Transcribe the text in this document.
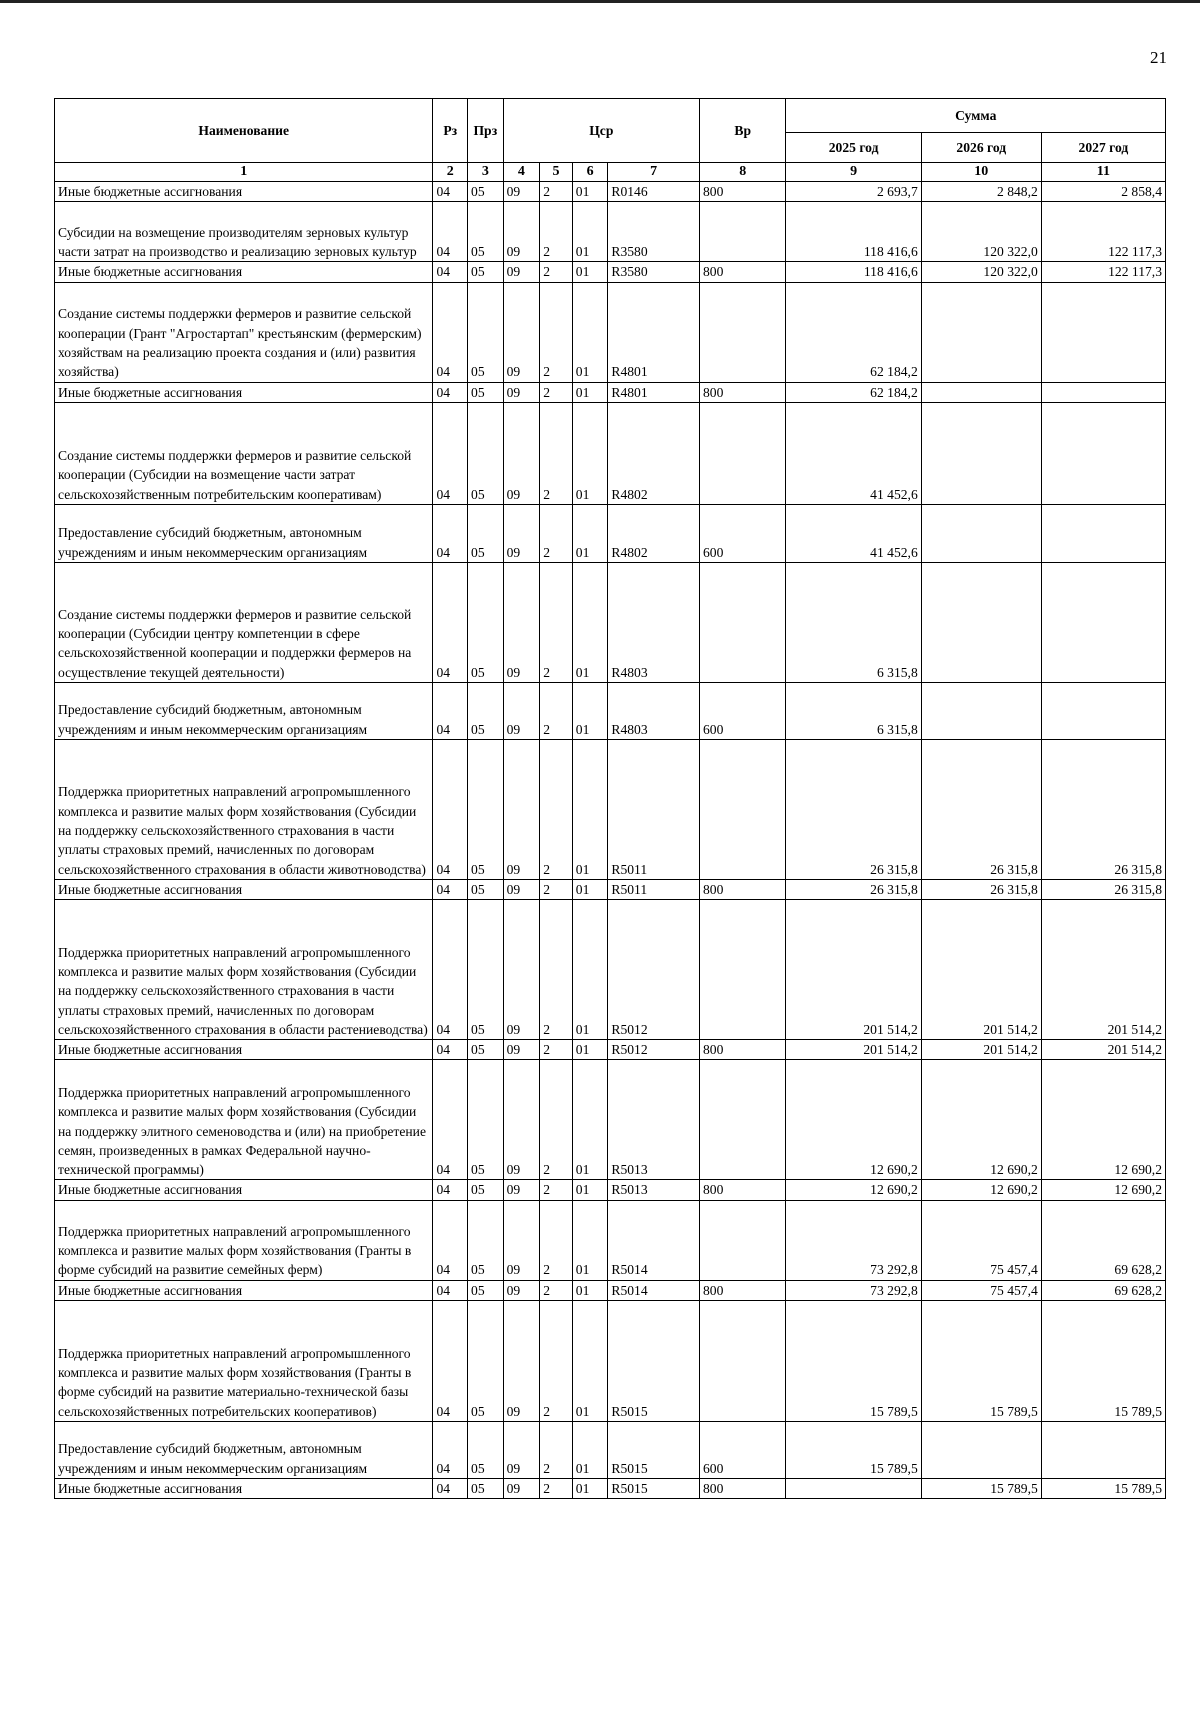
21
Наименование	Рз	Прз	Цср				Вр	Сумма		
								2025 год	2026 год	2027 год
1	2	3	4	5	6	7	8	9	10	11
Иные бюджетные ассигнования	04	05	09	2	01	R0146	800	2 693,7	2 848,2	2 858,4
Субсидии на возмещение производителям зерновых культур части затрат на производство и реализацию зерновых культур	04	05	09	2	01	R3580		118 416,6	120 322,0	122 117,3
Иные бюджетные ассигнования	04	05	09	2	01	R3580	800	118 416,6	120 322,0	122 117,3
Создание системы поддержки фермеров и развитие сельской кооперации (Грант "Агростартап" крестьянским (фермерским) хозяйствам на реализацию проекта создания и (или) развития хозяйства)	04	05	09	2	01	R4801		62 184,2		
Иные бюджетные ассигнования	04	05	09	2	01	R4801	800	62 184,2		
Создание системы поддержки фермеров и развитие сельской кооперации (Субсидии на возмещение части затрат сельскохозяйственным потребительским кооперативам)	04	05	09	2	01	R4802		41 452,6		
Предоставление субсидий бюджетным, автономным учреждениям и иным некоммерческим организациям	04	05	09	2	01	R4802	600	41 452,6		
Создание системы поддержки фермеров и развитие сельской кооперации (Субсидии центру компетенции в сфере сельскохозяйственной кооперации и поддержки фермеров на осуществление текущей деятельности)	04	05	09	2	01	R4803		6 315,8		
Предоставление субсидий бюджетным, автономным учреждениям и иным некоммерческим организациям	04	05	09	2	01	R4803	600	6 315,8		
Поддержка приоритетных направлений агропромышленного комплекса и развитие малых форм хозяйствования (Субсидии на поддержку сельскохозяйственного страхования в части уплаты страховых премий, начисленных по договорам сельскохозяйственного страхования в области животноводства)	04	05	09	2	01	R5011		26 315,8	26 315,8	26 315,8
Иные бюджетные ассигнования	04	05	09	2	01	R5011	800	26 315,8	26 315,8	26 315,8
Поддержка приоритетных направлений агропромышленного комплекса и развитие малых форм хозяйствования (Субсидии на поддержку сельскохозяйственного страхования в части уплаты страховых премий, начисленных по договорам сельскохозяйственного страхования в области растениеводства)	04	05	09	2	01	R5012		201 514,2	201 514,2	201 514,2
Иные бюджетные ассигнования	04	05	09	2	01	R5012	800	201 514,2	201 514,2	201 514,2
Поддержка приоритетных направлений агропромышленного комплекса и развитие малых форм хозяйствования (Субсидии на поддержку элитного семеноводства и (или) на приобретение семян, произведенных в рамках Федеральной научно-технической программы)	04	05	09	2	01	R5013		12 690,2	12 690,2	12 690,2
Иные бюджетные ассигнования	04	05	09	2	01	R5013	800	12 690,2	12 690,2	12 690,2
Поддержка приоритетных направлений агропромышленного комплекса и развитие малых форм хозяйствования (Гранты в форме субсидий на развитие семейных ферм)	04	05	09	2	01	R5014		73 292,8	75 457,4	69 628,2
Иные бюджетные ассигнования	04	05	09	2	01	R5014	800	73 292,8	75 457,4	69 628,2
Поддержка приоритетных направлений агропромышленного комплекса и развитие малых форм хозяйствования (Гранты в форме субсидий на развитие материально-технической базы сельскохозяйственных потребительских кооперативов)	04	05	09	2	01	R5015		15 789,5	15 789,5	15 789,5
Предоставление субсидий бюджетным, автономным учреждениям и иным некоммерческим организациям	04	05	09	2	01	R5015	600	15 789,5		
Иные бюджетные ассигнования	04	05	09	2	01	R5015	800		15 789,5	15 789,5
